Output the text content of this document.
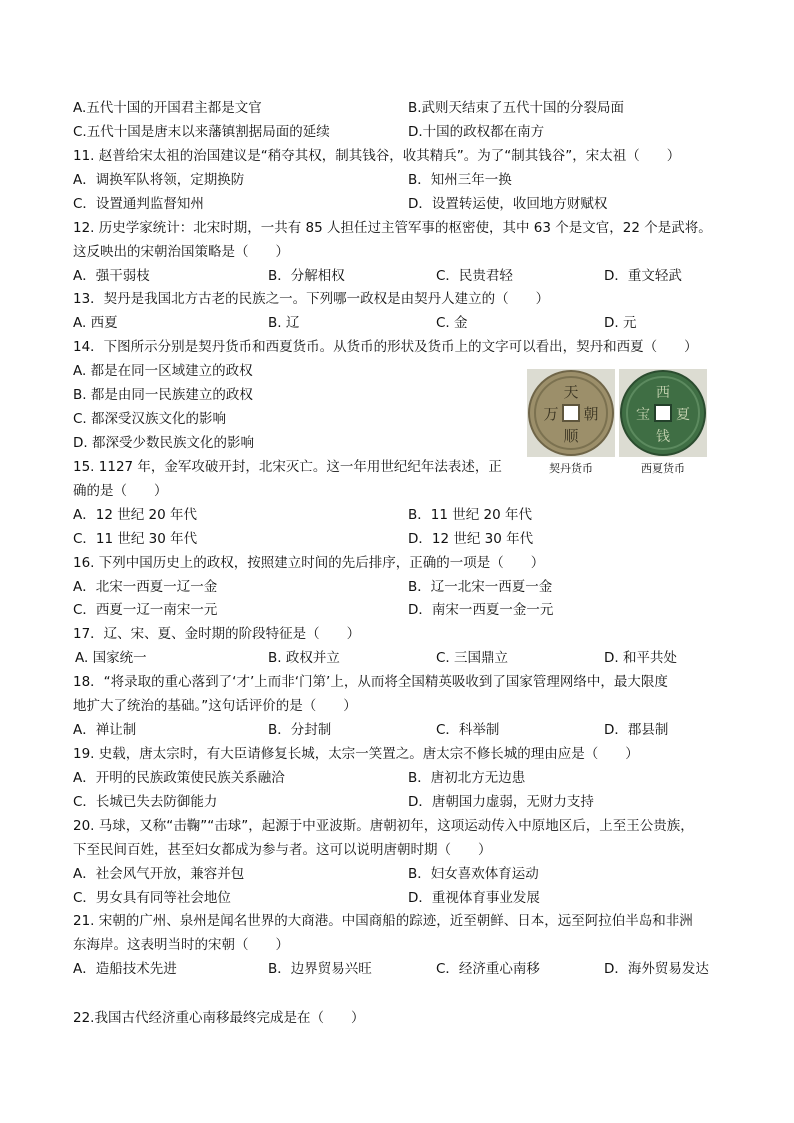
A.五代十国的开国君主都是文官	B.武则天结束了五代十国的分裂局面
C.五代十国是唐末以来藩镇割据局面的延续	D.十国的政权都在南方
11. 赵普给宋太祖的治国建议是“稍夺其权，制其钱谷，收其精兵”。为了“制其钱谷”，宋太祖（　　）
A．调换军队将领，定期换防	B．知州三年一换
C．设置通判监督知州	D．设置转运使，收回地方财赋权
12. 历史学家统计：北宋时期，一共有 85 人担任过主管军事的枢密使，其中 63 个是文官，22 个是武将。
这反映出的宋朝治国策略是（　　）
A．强干弱枝	B．分解相权	C．民贵君轻	D．重文轻武
13．契丹是我国北方古老的民族之一。下列哪一政权是由契丹人建立的（　　）
A. 西夏	B. 辽	C. 金	D. 元
14．下图所示分别是契丹货币和西夏货币。从货币的形状及货币上的文字可以看出，契丹和西夏（　　）
A. 都是在同一区域建立的政权
B. 都是由同一民族建立的政权
C. 都深受汉族文化的影响
D. 都深受少数民族文化的影响
15. 1127 年，金军攻破开封，北宋灭亡。这一年用世纪纪年法表述，正
确的是（　　）
A．12 世纪 20 年代	B．11 世纪 20 年代
C．11 世纪 30 年代	D．12 世纪 30 年代
16. 下列中国历史上的政权，按照建立时间的先后排序，正确的一项是（　　）
A．北宋一西夏一辽一金	B．辽一北宋一西夏一金
C．西夏一辽一南宋一元	D．南宋一西夏一金一元
17．辽、宋、夏、金时期的阶段特征是（　　）
A. 国家统一	B. 政权并立	C. 三国鼎立	D. 和平共处
18．“将录取的重心落到了‘才’上而非‘门第’上，从而将全国精英吸收到了国家管理网络中，最大限度
地扩大了统治的基础。”这句话评价的是（　　）
A．禅让制	B．分封制	C．科举制	D．郡县制
19. 史载，唐太宗时，有大臣请修复长城，太宗一笑置之。唐太宗不修长城的理由应是（　　）
A．开明的民族政策使民族关系融洽	B．唐初北方无边患
C．长城已失去防御能力	D．唐朝国力虚弱，无财力支持
20. 马球，又称“击鞠”“击球”，起源于中亚波斯。唐朝初年，这项运动传入中原地区后，上至王公贵族，
下至民间百姓，甚至妇女都成为参与者。这可以说明唐朝时期（　　）
A．社会风气开放，兼容并包	B．妇女喜欢体育运动
C．男女具有同等社会地位	D．重视体育事业发展
21. 宋朝的广州、泉州是闻名世界的大商港。中国商船的踪迹，近至朝鲜、日本，远至阿拉伯半岛和非洲
东海岸。这表明当时的宋朝（　　）
A．造船技术先进	B．边界贸易兴旺	C．经济重心南移	D．海外贸易发达
22.我国古代经济重心南移最终完成是在（　　）
天
朝
万
顺
西
夏
宝
钱
契丹货币	西夏货币
